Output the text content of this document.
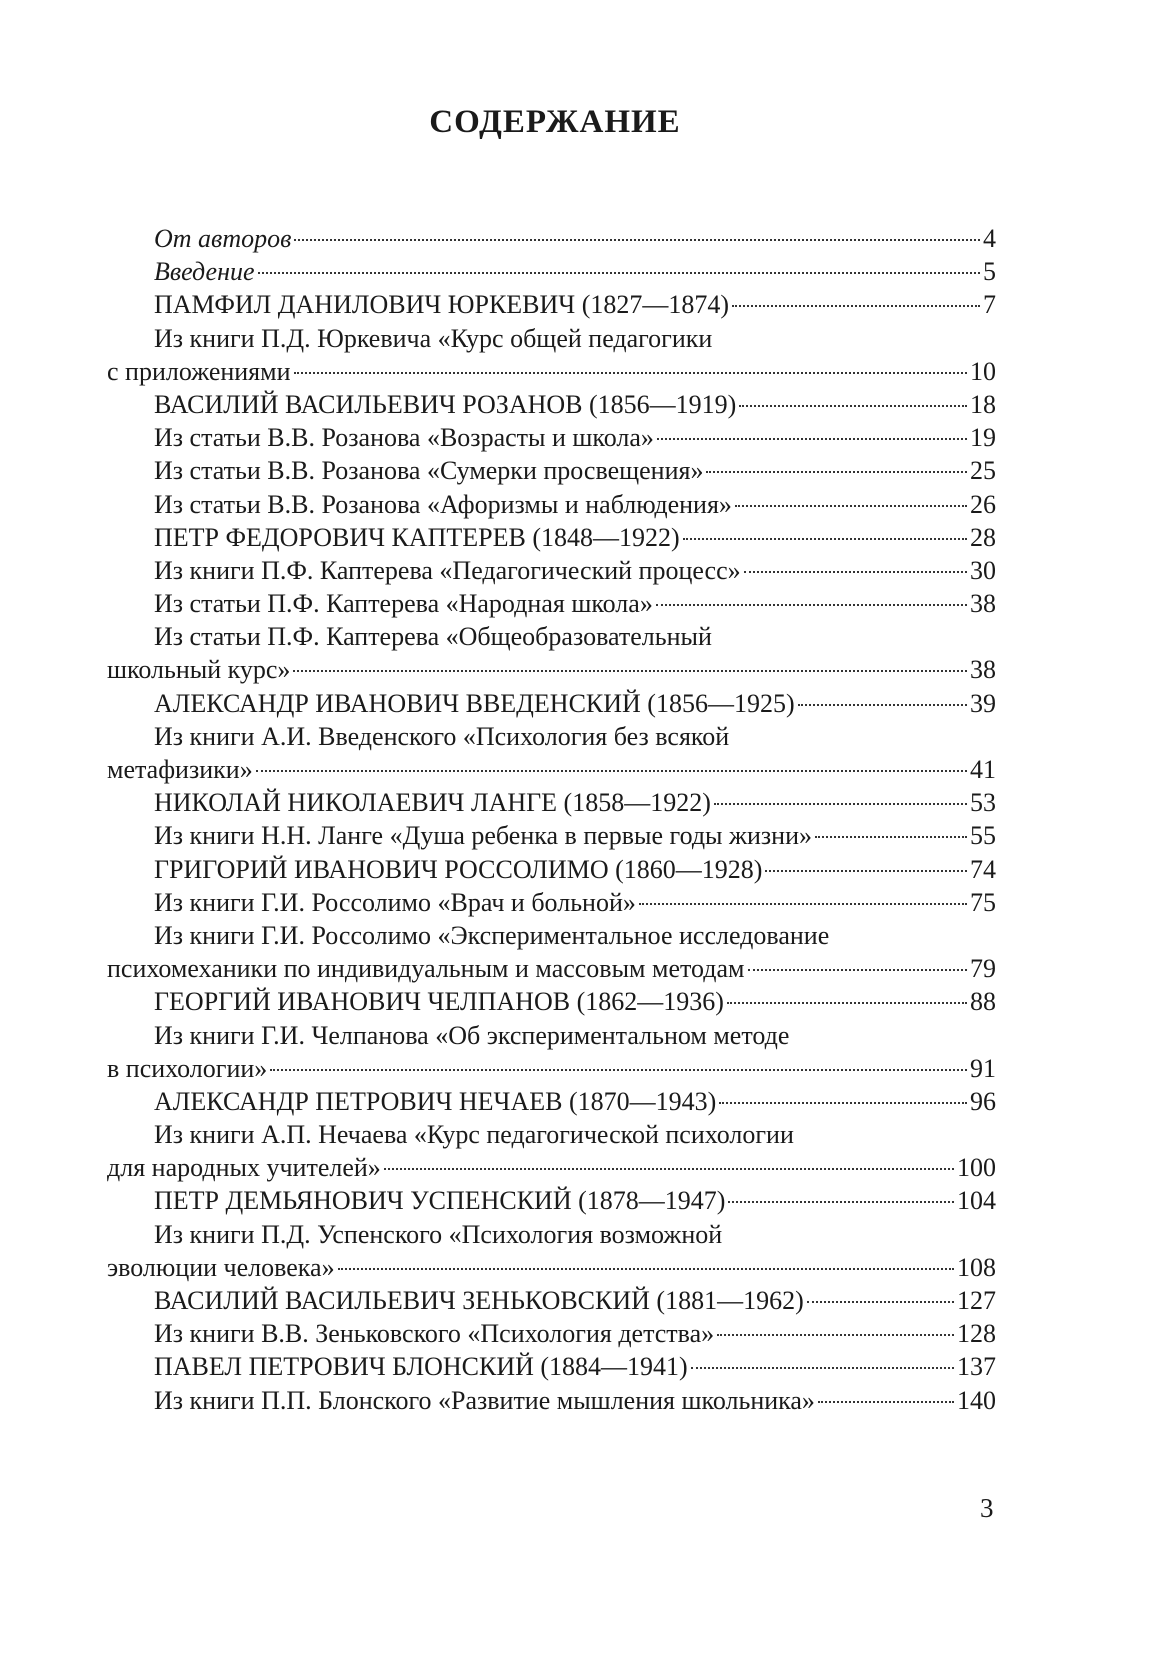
СОДЕРЖАНИЕ
От авторов	4
Введение	5
ПАМФИЛ ДАНИЛОВИЧ ЮРКЕВИЧ (1827—1874)	7
Из книги П.Д. Юркевича «Курс общей педагогики
с приложениями	10
ВАСИЛИЙ ВАСИЛЬЕВИЧ РОЗАНОВ (1856—1919)	18
Из статьи В.В. Розанова «Возрасты и школа»	19
Из статьи В.В. Розанова «Сумерки просвещения»	25
Из статьи В.В. Розанова «Афоризмы и наблюдения»	26
ПЕТР ФЕДОРОВИЧ КАПТЕРЕВ (1848—1922)	28
Из книги П.Ф. Каптерева «Педагогический процесс»	30
Из статьи П.Ф. Каптерева «Народная школа»	38
Из статьи П.Ф. Каптерева «Общеобразовательный
школьный курс»	38
АЛЕКСАНДР ИВАНОВИЧ ВВЕДЕНСКИЙ (1856—1925)	39
Из книги А.И. Введенского «Психология без всякой
метафизики»	41
НИКОЛАЙ НИКОЛАЕВИЧ ЛАНГЕ (1858—1922)	53
Из книги Н.Н. Ланге «Душа ребенка в первые годы жизни»	55
ГРИГОРИЙ ИВАНОВИЧ РОССОЛИМО (1860—1928)	74
Из книги Г.И. Россолимо «Врач и больной»	75
Из книги Г.И. Россолимо «Экспериментальное исследование
психомеханики по индивидуальным и массовым методам	79
ГЕОРГИЙ ИВАНОВИЧ ЧЕЛПАНОВ (1862—1936)	88
Из книги Г.И. Челпанова «Об экспериментальном методе
в психологии»	91
АЛЕКСАНДР ПЕТРОВИЧ НЕЧАЕВ (1870—1943)	96
Из книги А.П. Нечаева «Курс педагогической психологии
для народных учителей»	100
ПЕТР ДЕМЬЯНОВИЧ УСПЕНСКИЙ (1878—1947)	104
Из книги П.Д. Успенского «Психология возможной
эволюции человека»	108
ВАСИЛИЙ ВАСИЛЬЕВИЧ ЗЕНЬКОВСКИЙ (1881—1962)	127
Из книги В.В. Зеньковского «Психология детства»	128
ПАВЕЛ ПЕТРОВИЧ БЛОНСКИЙ (1884—1941)	137
Из книги П.П. Блонского «Развитие мышления школьника»	140
3
